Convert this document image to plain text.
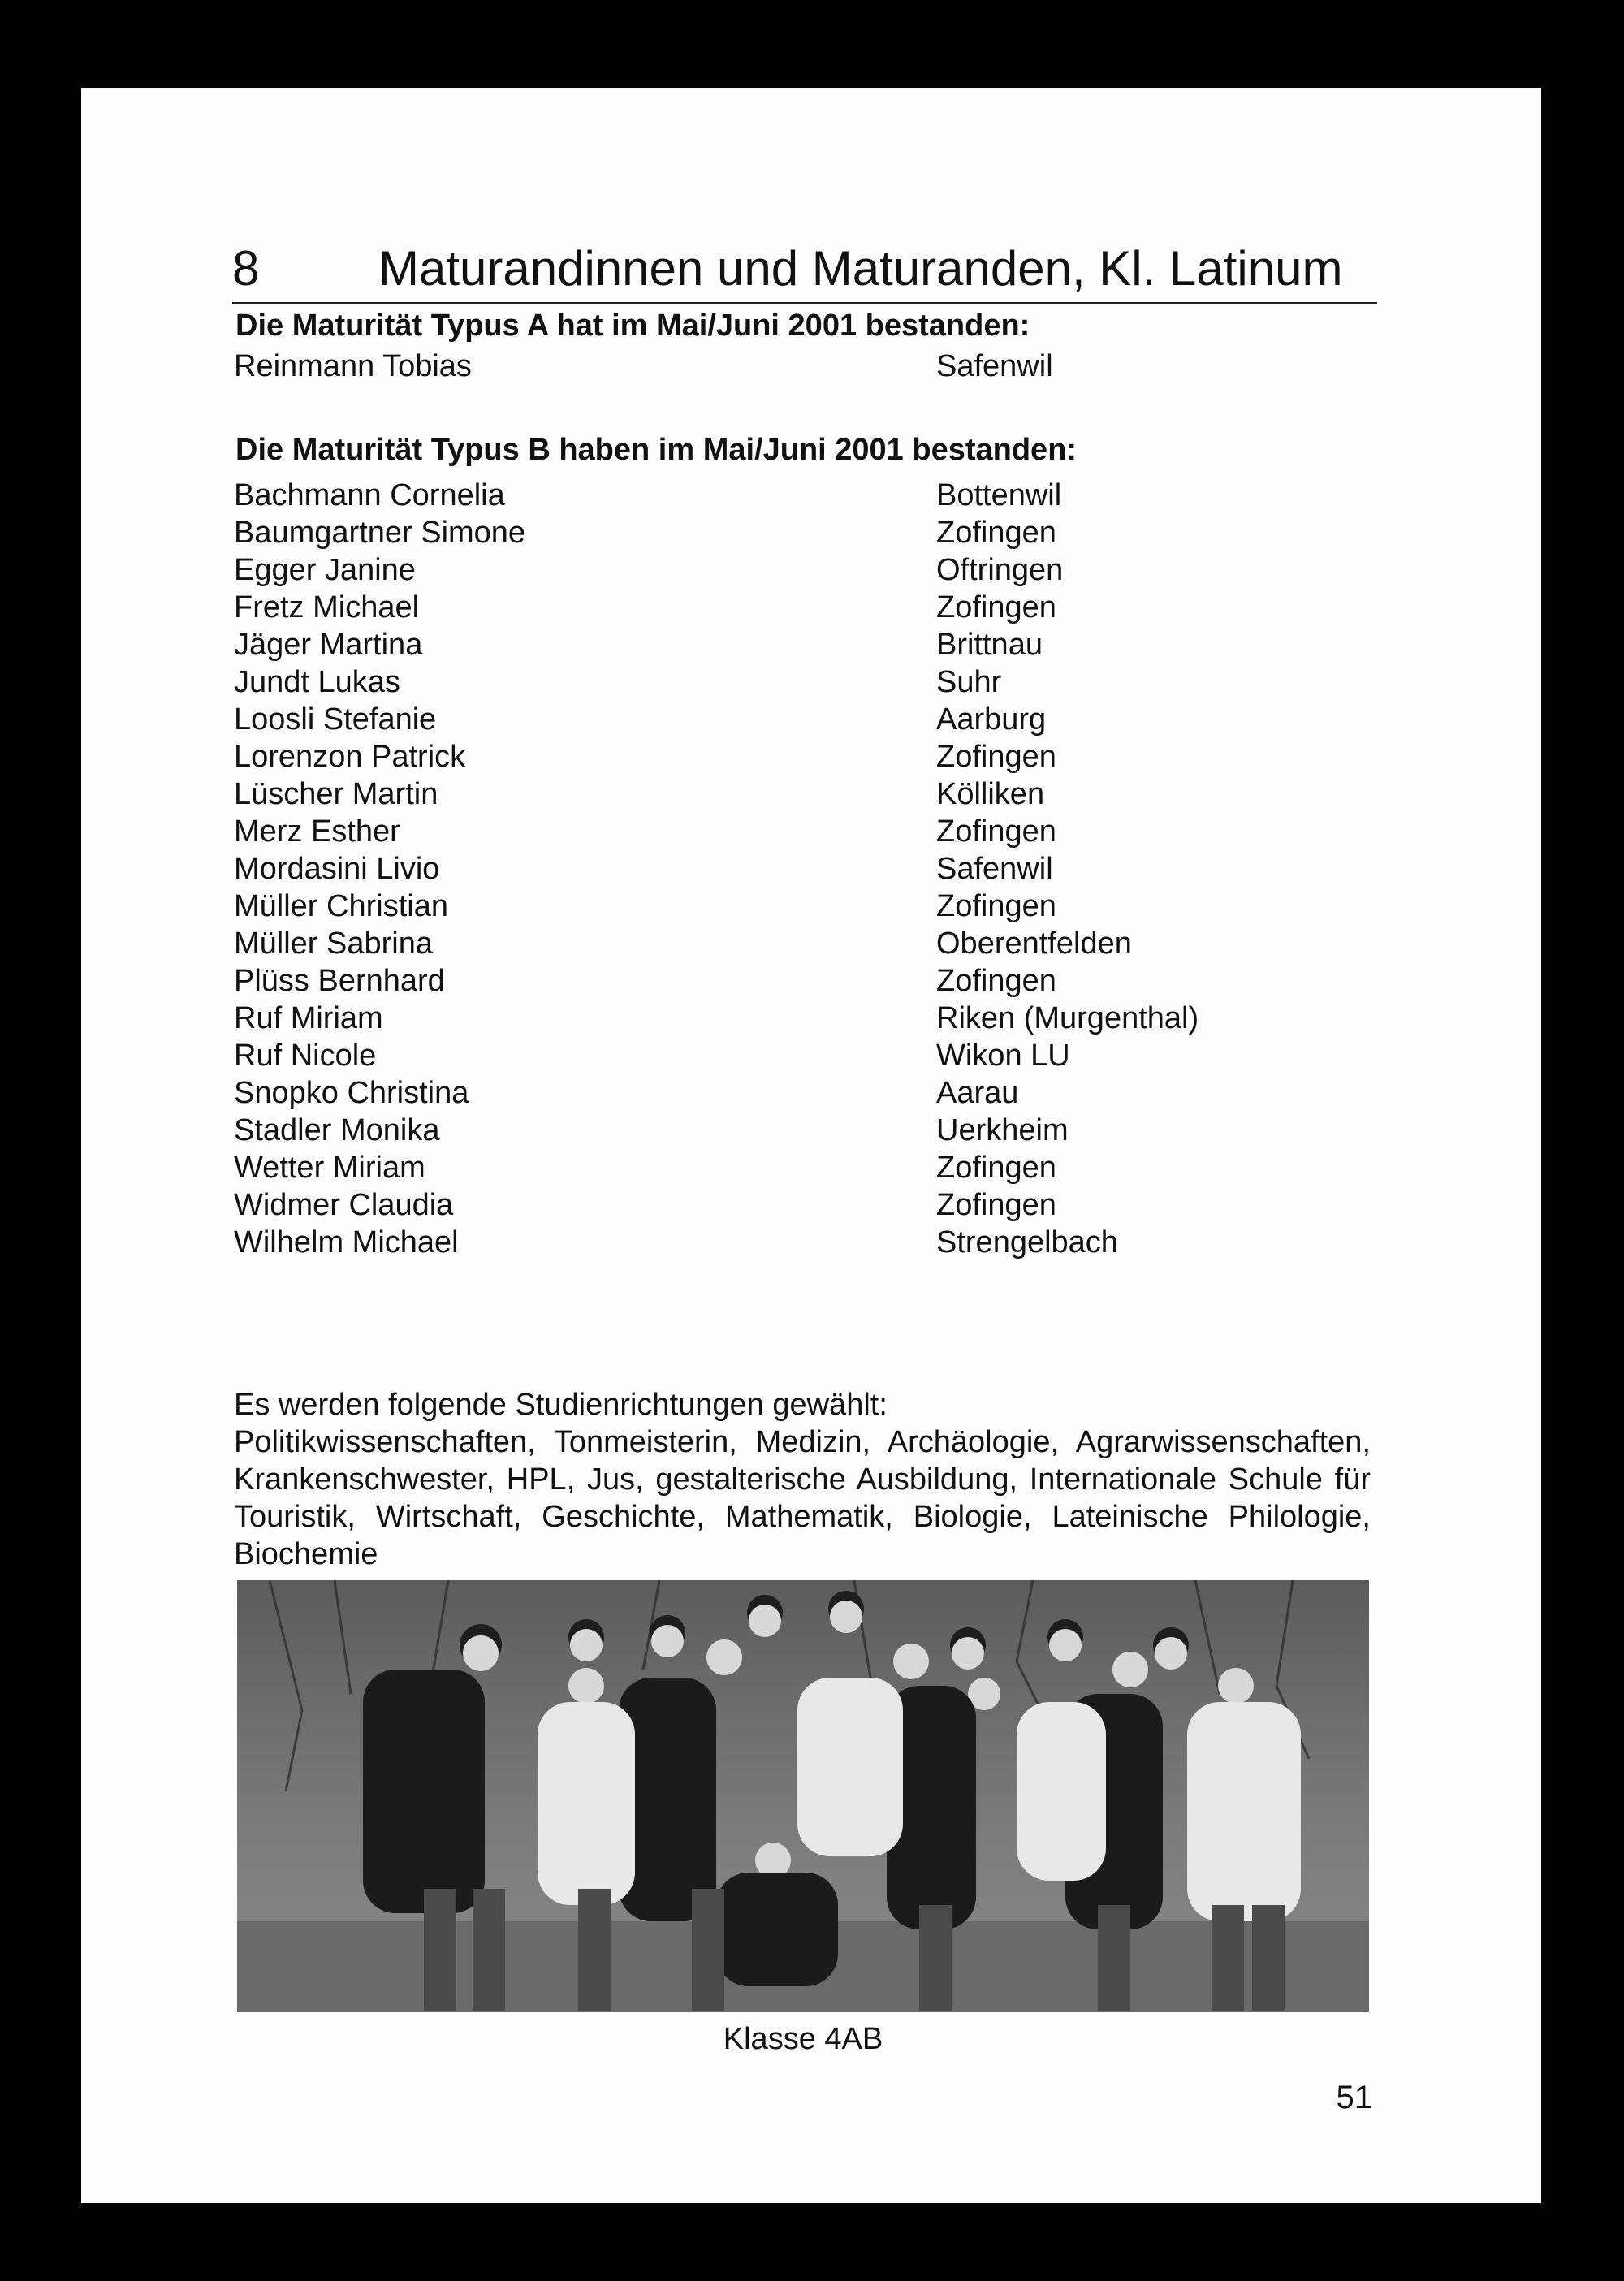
8 Maturandinnen und Maturanden, Kl. Latinum
Die Maturität Typus A hat im Mai/Juni 2001 bestanden:
Reinmann Tobias	Safenwil
Die Maturität Typus B haben im Mai/Juni 2001 bestanden:
Bachmann Cornelia	Bottenwil
Baumgartner Simone	Zofingen
Egger Janine	Oftringen
Fretz Michael	Zofingen
Jäger Martina	Brittnau
Jundt Lukas	Suhr
Loosli Stefanie	Aarburg
Lorenzon Patrick	Zofingen
Lüscher Martin	Kölliken
Merz Esther	Zofingen
Mordasini Livio	Safenwil
Müller Christian	Zofingen
Müller Sabrina	Oberentfelden
Plüss Bernhard	Zofingen
Ruf Miriam	Riken (Murgenthal)
Ruf Nicole	Wikon LU
Snopko Christina	Aarau
Stadler Monika	Uerkheim
Wetter Miriam	Zofingen
Widmer Claudia	Zofingen
Wilhelm Michael	Strengelbach
Es werden folgende Studienrichtungen gewählt:
Politikwissenschaften, Tonmeisterin, Medizin, Archäologie, Agrarwissenschaften, Krankenschwester, HPL, Jus, gestalterische Ausbildung, Internationale Schule für Touristik, Wirtschaft, Geschichte, Mathematik, Biologie, Lateinische Philologie, Biochemie
Klasse 4AB
51
